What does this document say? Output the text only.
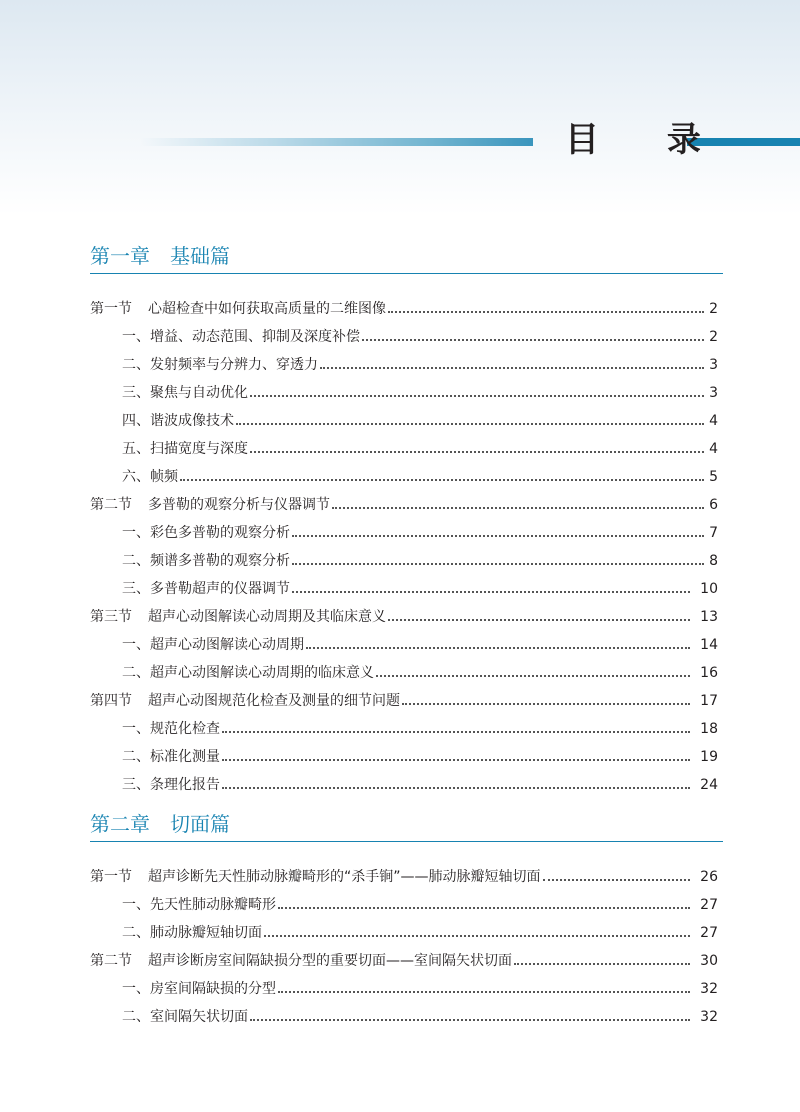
目 录
第一章 基础篇
第一节 心超检查中如何获取高质量的二维图像	2
一、增益、动态范围、抑制及深度补偿	2
二、发射频率与分辨力、穿透力	3
三、聚焦与自动优化	3
四、谐波成像技术	4
五、扫描宽度与深度	4
六、帧频	5
第二节 多普勒的观察分析与仪器调节	6
一、彩色多普勒的观察分析	7
二、频谱多普勒的观察分析	8
三、多普勒超声的仪器调节	10
第三节 超声心动图解读心动周期及其临床意义	13
一、超声心动图解读心动周期	14
二、超声心动图解读心动周期的临床意义	16
第四节 超声心动图规范化检查及测量的细节问题	17
一、规范化检查	18
二、标准化测量	19
三、条理化报告	24
第二章 切面篇
第一节 超声诊断先天性肺动脉瓣畸形的“杀手锏”——肺动脉瓣短轴切面	26
一、先天性肺动脉瓣畸形	27
二、肺动脉瓣短轴切面	27
第二节 超声诊断房室间隔缺损分型的重要切面——室间隔矢状切面	30
一、房室间隔缺损的分型	32
二、室间隔矢状切面	32
